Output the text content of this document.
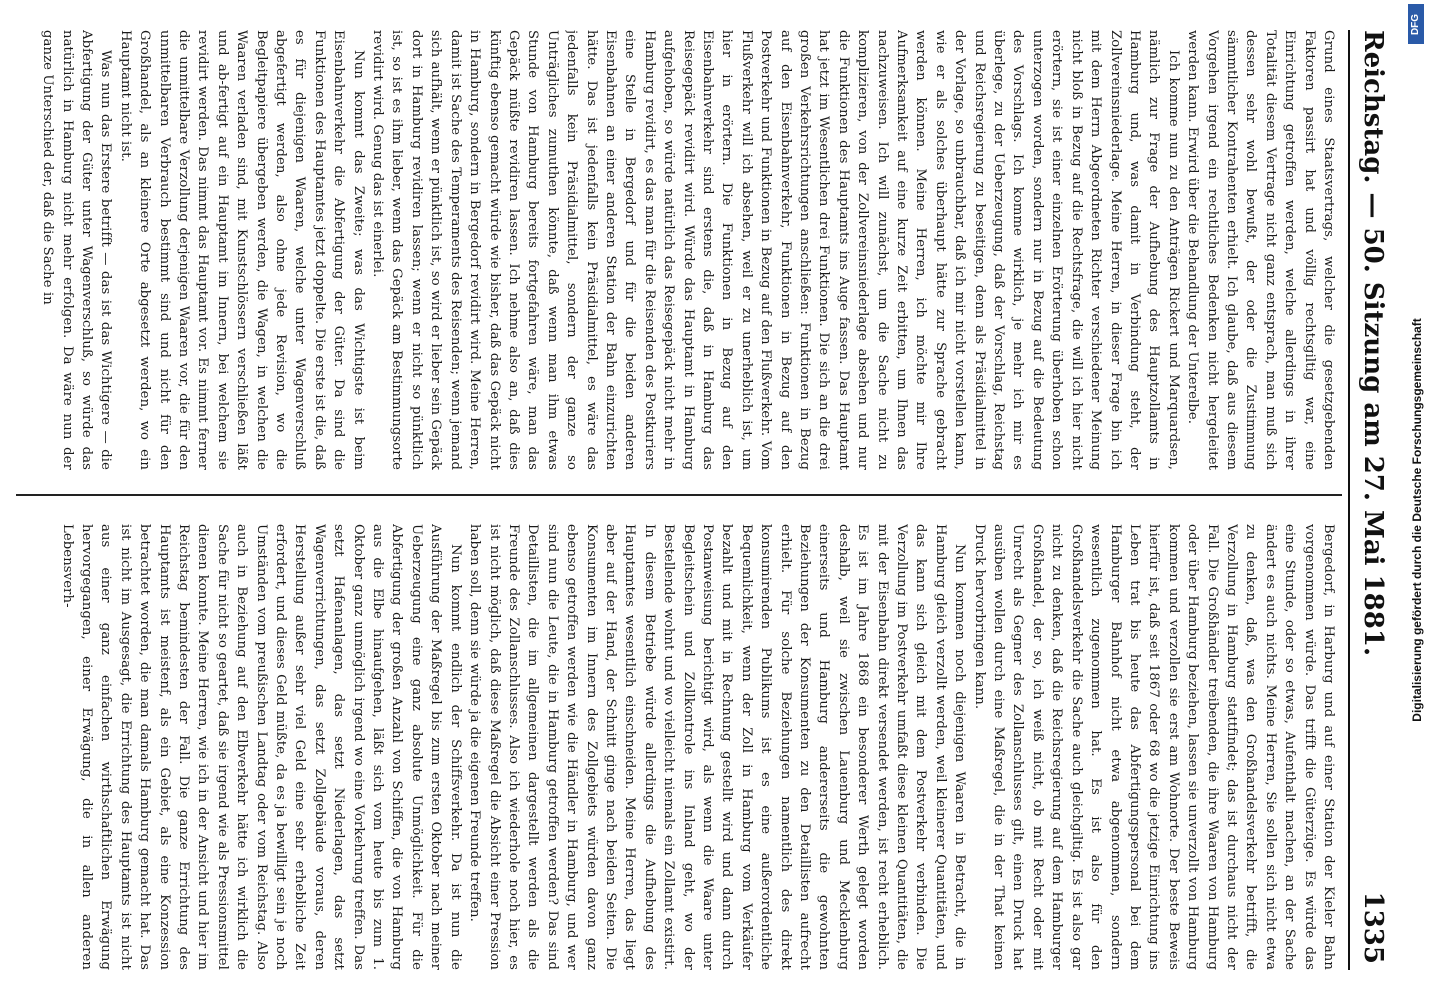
Reichstag. — 50. Sitzung am 27. Mai 1881.
1335

Grund eines Staatsvertrags, welcher die gesetzgebenden Faktoren passirt hat und völlig rechtsgiltig war, eine Einrichtung getroffen werden, welche allerdings in ihrer Totalität diesem Vertrage nicht ganz entsprach, man muß sich dessen sehr wohl bewußt, der oder die Zustimmung sämmtlicher Kontrahenten erhielt. Ich glaube, daß aus diesem Vorgehen irgend ein rechtliches Bedenken nicht hergeleitet werden kann. Erwird über die Behandlung der Unterelbe.

Ich komme nun zu den Anträgen Rickert und Marquardsen, nämlich zur Frage der Aufhebung des Hauptzollamts in Hamburg und, was damit in Verbindung steht, der Zollvereinsniederlage. Meine Herren, in dieser Frage bin ich mit dem Herrn Abgeordneten Richter verschiedener Meinung nicht bloß in Bezug auf die Rechtsfrage, die will ich hier nicht erörtern, sie ist einer einzelnen Erörterung überhoben schon unterzogen worden, sondern nur in Bezug auf die Bedeutung des Vorschlags. Ich komme wirklich, je mehr ich mir es überlege, zu der Ueberzeugung, daß der Vorschlag, Reichstag und Reichsregierung zu beseitigen, denn als Präsidialmittel in der Vorlage, so unbrauchbar, daß ich mir nicht vorstellen kann, wie er als solches überhaupt hätte zur Sprache gebracht werden können. Meine Herren, ich möchte mir Ihre Aufmerksamkeit auf eine kurze Zeit erbitten, um Ihnen das nachzuweisen. Ich will zunächst, um die Sache nicht zu komplizieren, von der Zollvereinsniederlage absehen und nur die Funktionen des Hauptamts ins Auge fassen. Das Hauptamt hat jetzt im Wesentlichen drei Funktionen. Die sich an die drei großen Verkehrsrichtungen anschließen: Funktionen in Bezug auf den Eisenbahnverkehr, Funktionen in Bezug auf den Postverkehr und Funktionen in Bezug auf den Flußverkehr. Vom Flußverkehr will ich absehen, weil er zu unerheblich ist, um hier in erörtern. Die Funktionen in Bezug auf den Eisenbahnverkehr sind erstens die, daß in Hamburg das Reisegepäck revidirt wird. Würde das Hauptamt in Hamburg aufgehoben, so würde natürlich das Reisegepäck nicht mehr in Hamburg revidirt, es das man für die Reisenden des Postkuriers eine Stelle in Bergedorf und für die beiden anderen Eisenbahnen an einer anderen Station der Bahn einzurichten hätte. Das ist jedenfalls kein Präsidialmittel, es wäre das jedenfalls kein Präsidialmittel, sondern der ganze so Unträgliches zumuthen könnte, daß wenn man ihm etwas Stunde von Hamburg bereits fortgefahren wäre, man das Gepäck müßte revidiren lassen. Ich nehme also an, daß dies künftig ebenso gemacht würde wie bisher, daß das Gepäck nicht in Hamburg, sondern in Bergedorf revidirt wird. Meine Herren, damit ist Sache des Temperaments des Reisenden; wenn jemand sich aufhält, wenn er pünktlich ist, so wird er lieber sein Gepäck dort in Hamburg revidiren lassen; wenn er nicht so pünktlich ist, so ist es ihm lieber, wenn das Gepäck am Bestimmungsorte revidirt wird. Genug das ist einerlei.

Nun kommt das Zweite; was das Wichtigste ist beim Eisenbahnverkehr die Abfertigung der Güter. Da sind die Funktionen des Hauptamtes jetzt doppelte. Die erste ist die, daß es für diejenigen Waaren, welche unter Wagenverschluß abgefertigt werden, also ohne jede Revision, wo die Begleitpapiere übergeben werden, die Wagen, in welchen die Waaren verladen sind, mit Kunstschlössern verschließen läßt und ab-fertigt auf ein Hauptamt im Innern, bei welchem sie revidirt werden. Das nimmt das Hauptamt vor. Es nimmt ferner die unmittelbare Verzollung derjenigen Waaren vor, die für den unmittelbaren Verbrauch bestimmt sind und nicht für den Großhandel, als an kleinere Orte abgesetzt werden, wo ein Hauptamt nicht ist.

Was nun das Erstere betrifft — das ist das Wichtigere — die Abfertigung der Güter unter Wagenverschluß, so würde das natürlich in Hamburg nicht mehr erfolgen. Da wäre nun der ganze Unterschied der, daß die Sache in

Bergedorf, in Harburg und auf einer Station der Kieler Bahn vorgenommen würde. Das trifft die Güterzüge. Es würde das eine Stunde, oder so etwas, Aufenthalt machen, an der Sache ändert es auch nichts. Meine Herren, Sie sollen sich nicht etwa zu denken, daß, was den Großhandelsverkehr betrifft, die Verzollung in Hamburg stattfindet; das ist durchaus nicht der Fall. Die Großhändler treibenden, die ihre Waaren von Hamburg oder über Hamburg beziehen, lassen sie unverzollt von Hamburg kommen und verzollen sie erst am Wohnorte. Der beste Beweis hierfür ist, daß seit 1867 oder 68 wo die jetzige Einrichtung ins Leben trat bis heute das Abfertigungspersonal bei dem Hamburger Bahnhof nicht etwa abgenommen, sondern wesentlich zugenommen hat. Es ist also für den Großhandelsverkehr die Sache auch gleichgiltig. Es ist also gar nicht zu denken, daß die Reichsregierung auf dem Hamburger Großhandel, der so, ich weiß nicht, ob mit Recht oder mit Unrecht als Gegner des Zollanschlusses gilt, einen Druck hat ausüben wollen durch eine Maßregel, die in der That keinen Druck hervorbringen kann.

Nun kommen noch diejenigen Waaren in Betracht, die in Hamburg gleich verzollt werden, weil kleinerer Quantitäten, und das kann sich gleich mit dem Postverkehr verbinden. Die Verzollung im Postverkehr umfaßt diese kleinen Quantitäten, die mit der Eisenbahn direkt versendet werden, ist recht erheblich. Es ist im Jahre 1868 ein besonderer Werth gelegt worden deshalb, weil sie zwischen Lauenburg und Mecklenburg einerseits und Hamburg andererseits die gewohnten Beziehungen der Konsumenten zu den Detaillisten aufrecht erhielt. Für solche Beziehungen namentlich des direkt konsumirenden Publikums ist es eine außerordentliche Bequemlichkeit, wenn der Zoll in Hamburg vom Verkäufer bezahlt und mit in Rechnung gestellt wird und dann durch Postanweisung berichtigt wird, als wenn die Waare unter Begleitschein und Zollkontrole ins Inland geht, wo der Bestellende wohnt und wo vielleicht niemals ein Zollamt existirt. In diesem Betriebe würde allerdings die Aufhebung des Hauptamtes wesentlich einschneiden. Meine Herren, das liegt aber auf der Hand, der Schnitt ginge nach beiden Seiten. Die Konsumenten im Innern des Zollgebiets würden davon ganz ebenso getroffen werden wie die Händler in Hamburg, und wer sind nun die Leute, die in Hamburg getroffen werden? Das sind Detaillisten, die im allgemeinen dargestellt werden als die Freunde des Zollanschlusses. Also ich wiederhole noch hier, es ist nicht möglich, daß diese Maßregel die Absicht einer Pression haben soll, denn sie würde ja die eigenen Freunde treffen.

Nun kommt endlich der Schiffsverkehr. Da ist nun die Ausführung der Maßregel bis zum ersten Oktober nach meiner Ueberzeugung eine ganz absolute Unmöglichkeit. Für die Abfertigung der großen Anzahl von Schiffen, die von Hamburg aus die Elbe hinaufgehen, läßt sich vom heute bis zum 1. Oktober ganz unmöglich irgend wo eine Vorkehrung treffen. Das setzt Hafenanlagen, das setzt Niederlagen, das setzt Wagenverrichtungen, das setzt Zollgebäude voraus, deren Herstellung außer sehr viel Geld eine sehr erhebliche Zeit erfordert, und dieses Geld müßte, da es ja bewilligt sein je noch Umständen vom preußischen Landtag oder vom Reichstag. Also auch in Beziehung auf den Elbverkehr hätte ich wirklich die Sache für nicht so geartet, daß sie irgend wie als Pressionsmittel dienen konnte. Meine Herren, wie ich in der Ansicht und hier im Reichstag bemindesten der Fall. Die ganze Errichtung des Hauptamts ist meistenf, als ein Gebiet, als eine Konzession betrachtet worden, die man damals Hamburg gemacht hat. Das ist nicht im Ausgesagt, die Errichtung des Hauptamts ist nicht aus einer ganz einfachen wirthschaftlichen Erwägung hervorgegangen, einer Erwägung, die in allen anderen Lebensverh-	Digitalisierung gefördert durch die Deutsche Forschungsgemeinschaft
DFG
